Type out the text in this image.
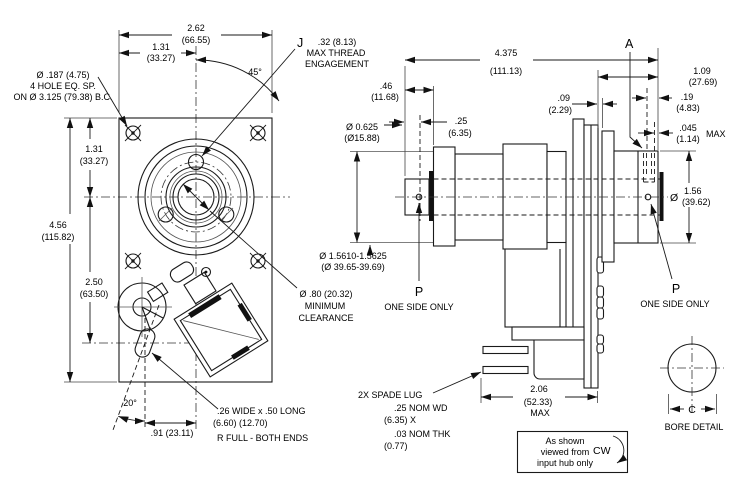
2.62
(66.55)
1.31
(33.27)
45°
J .32 (8.13)
MAX THREAD
ENGAGEMENT
Ø .187 (4.75)
4 HOLE EQ. SP.
ON Ø 3.125 (79.38) B.C.
4.56
(115.82)
1.31
(33.27)
2.50
(63.50)	Ø .80 (20.32)
MINIMUM
CLEARANCE
20°
.91 (23.11)
.26 WIDE x .50 LONG
(6.60) (12.70)
R FULL - BOTH ENDS
4.375
(111.13)
A
.46
(11.68)
.25
(6.35)
Ø 0.625
(Ø15.88)
Ø 1.5610-1.5625
(Ø 39.65-39.69)
.09
(2.29)
1.09
(27.69)
.19
(4.83)
.045
(1.14) MAX
Ø
1.56
(39.62)
P
ONE SIDE ONLY
P
ONE SIDE ONLY
2X SPADE LUG
.25 NOM WD
(6.35) X
.03 NOM THK
(0.77)
2.06
(52.33)
MAX
As shown
viewed from
input hub only
CW
C
BORE DETAIL
